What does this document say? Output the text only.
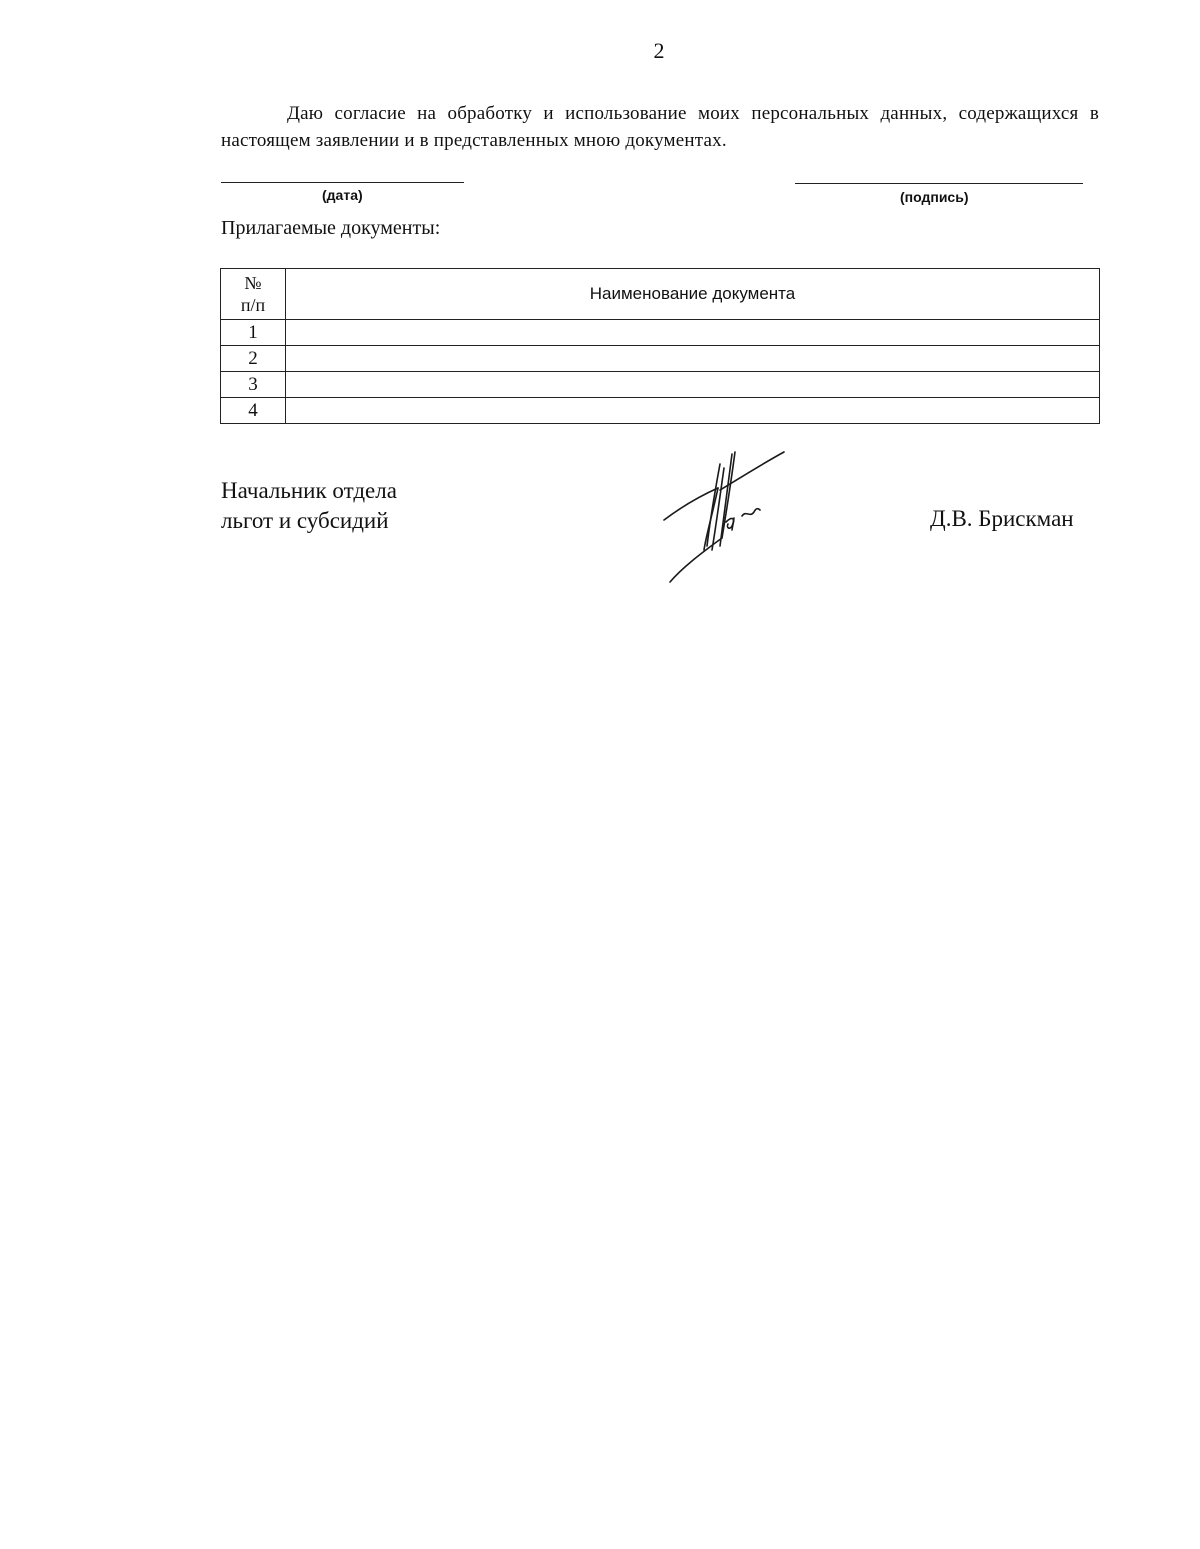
2
Даю согласие на обработку и использование моих персональных данных, содержащихся в настоящем заявлении и в представленных мною документах.
(дата)	(подпись)
Прилагаемые документы:
№
п/п	Наименование документа
1	
2	
3	
4	
Начальник отдела
льгот и субсидий	Д.В. Брискман
